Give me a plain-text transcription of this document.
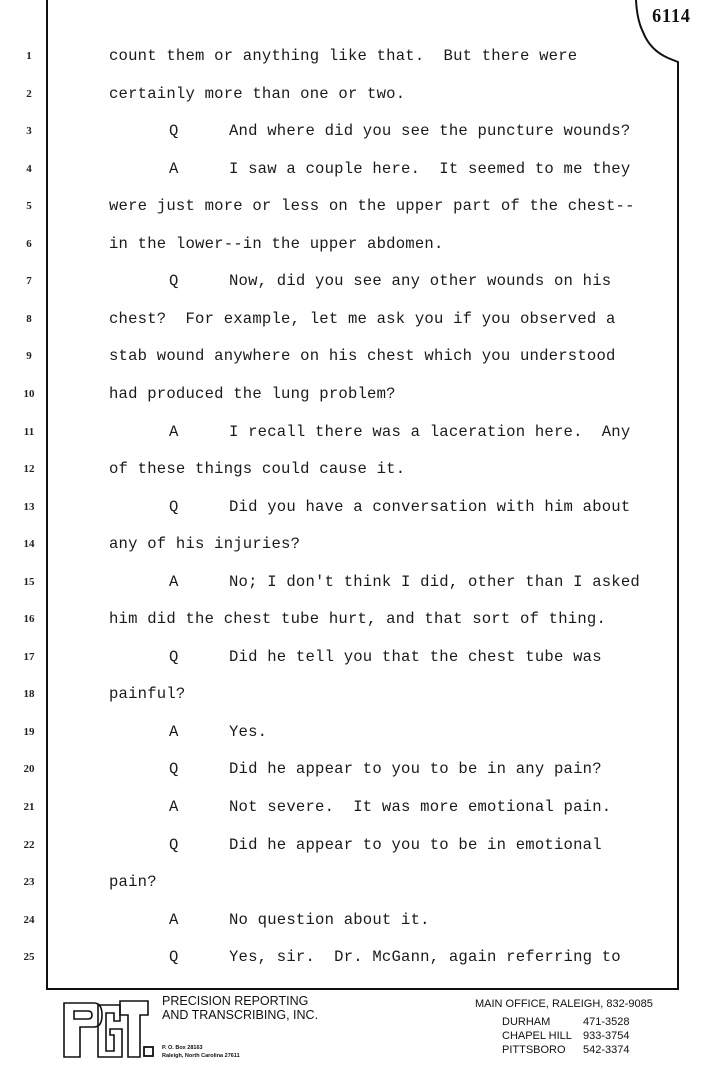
6114
1	count them or anything like that.  But there were
2	certainly more than one or two.
3	Q	And where did you see the puncture wounds?
4	A	I saw a couple here.  It seemed to me they
5	were just more or less on the upper part of the chest--
6	in the lower--in the upper abdomen.
7	Q	Now, did you see any other wounds on his
8	chest?  For example, let me ask you if you observed a
9	stab wound anywhere on his chest which you understood
10	had produced the lung problem?
11	A	I recall there was a laceration here.  Any
12	of these things could cause it.
13	Q	Did you have a conversation with him about
14	any of his injuries?
15	A	No; I don't think I did, other than I asked
16	him did the chest tube hurt, and that sort of thing.
17	Q	Did he tell you that the chest tube was
18	painful?
19	A	Yes.
20	Q	Did he appear to you to be in any pain?
21	A	Not severe.  It was more emotional pain.
22	Q	Did he appear to you to be in emotional
23	pain?
24	A	No question about it.
25	Q	Yes, sir.  Dr. McGann, again referring to
PRECISION REPORTING
AND TRANSCRIBING, INC.
P. O. Box 28163
Raleigh, North Carolina 27611
MAIN OFFICE, RALEIGH, 832-9085
DURHAM	471-3528
CHAPEL HILL 933-3754
PITTSBORO 542-3374
